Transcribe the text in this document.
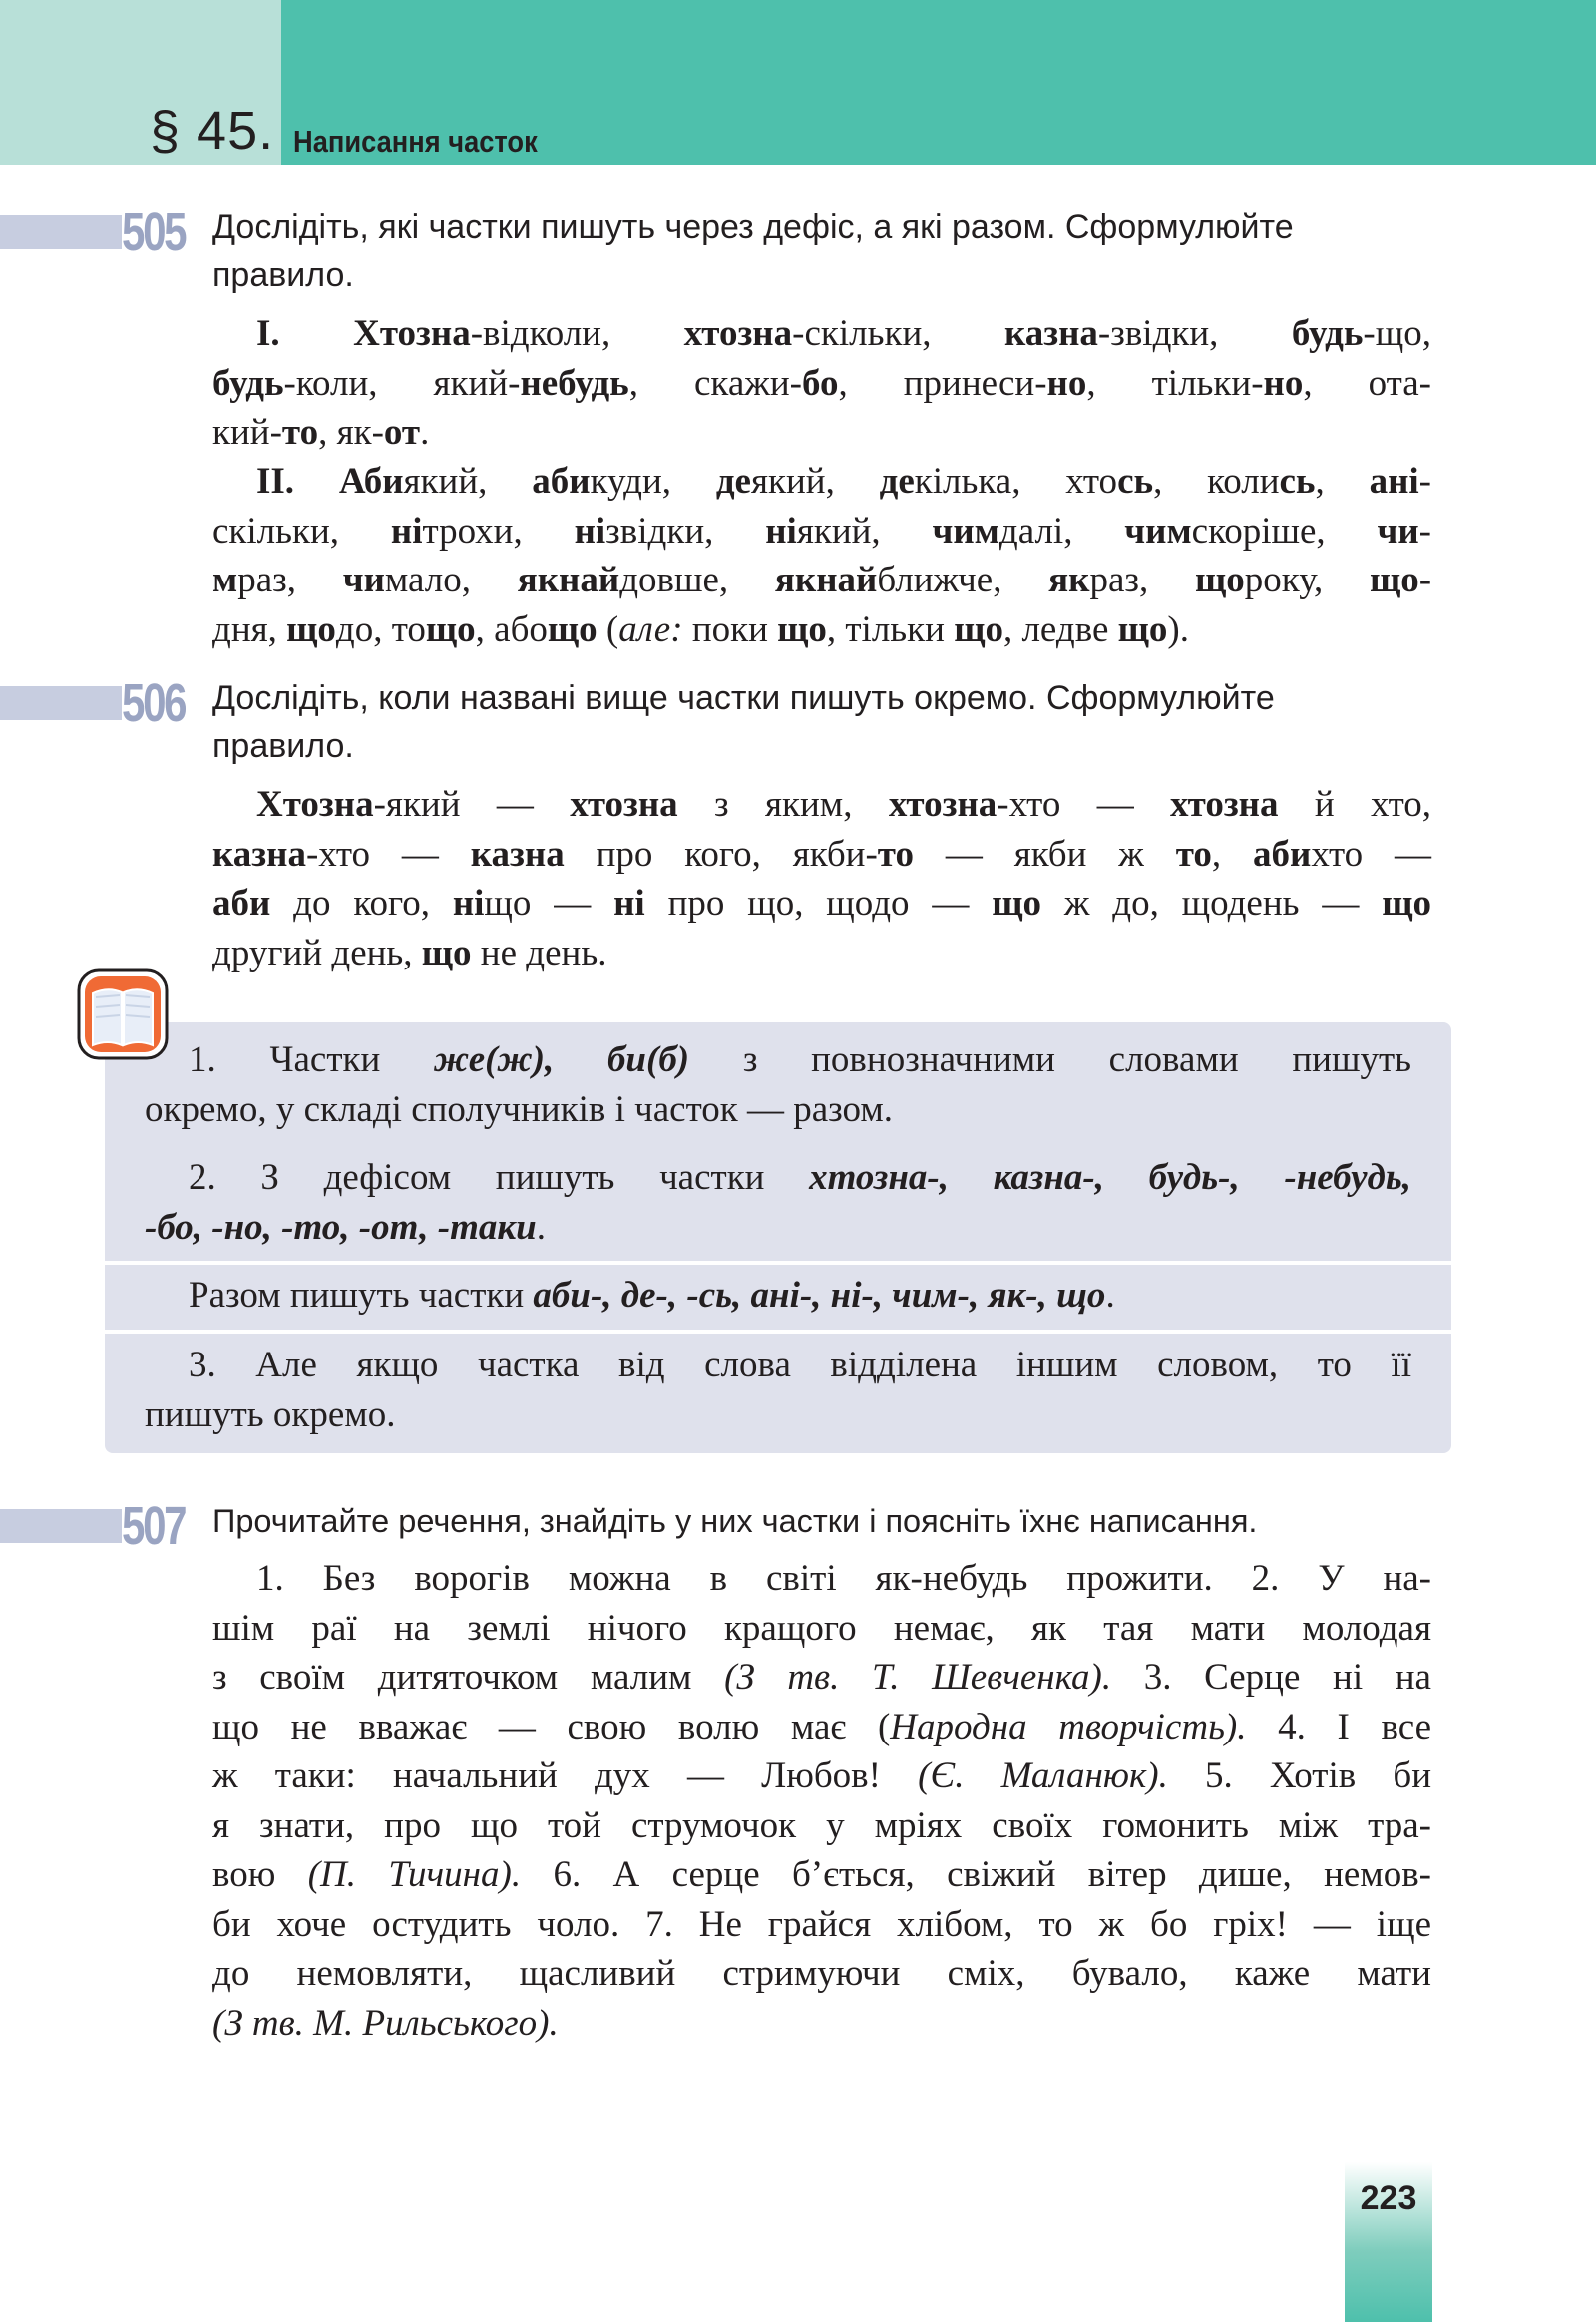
§ 45. Написання часток
505 Дослідіть, які частки пишуть через дефіс, а які разом. Сформулюйте
правило.
I. Хтозна-відколи, хтозна-скільки, казна-звідки, будь-що,
будь-коли, який-небудь, скажи-бо, принеси-но, тільки-но, ота-
кий-то, як-от.
II. Абиякий, абикуди, деякий, декілька, хтось, колись, ані-
скільки, нітрохи, нізвідки, ніякий, чимдалі, чимскоріше, чи-
мраз, чимало, якнайдовше, якнайближче, якраз, щороку, що-
дня, щодо, тощо, абощо (але: поки що, тільки що, ледве що).
506 Дослідіть, коли названі вище частки пишуть окремо. Сформулюйте
правило.
Хтозна-який — хтозна з яким, хтозна-хто — хтозна й хто,
казна-хто — казна про кого, якби-то — якби ж то, абихто —
аби до кого, ніщо — ні про що, щодо — що ж до, щодень — що
другий день, що не день.
1. Частки же(ж), би(б) з повнозначними словами пишуть
окремо, у складі сполучників і часток — разом.
2. З дефісом пишуть частки хтозна-, казна-, будь-, -небудь,
-бо, -но, -то, -от, -таки.
Разом пишуть частки аби-, де-, -сь, ані-, ні-, чим-, як-, що.
3. Але якщо частка від слова відділена іншим словом, то її
пишуть окремо.
507 Прочитайте речення, знайдіть у них частки і поясніть їхнє написання.
1. Без ворогів можна в світі як-небудь прожити. 2. У на-
шім раї на землі нічого кращого немає, як тая мати молодая
з своїм дитяточком малим (З тв. Т. Шевченка). 3. Серце ні на
що не вважає — свою волю має (Народна творчість). 4. І все
ж таки: начальний дух — Любов! (Є. Маланюк). 5. Хотів би
я знати, про що той струмочок у мріях своїх гомонить між тра-
вою (П. Тичина). 6. А серце б’ється, свіжий вітер дише, немов-
би хоче остудить чоло. 7. Не грайся хлібом, то ж бо гріх! — іще
до немовляти, щасливий стримуючи сміх, бувало, каже мати
(З тв. М. Рильського).
223
